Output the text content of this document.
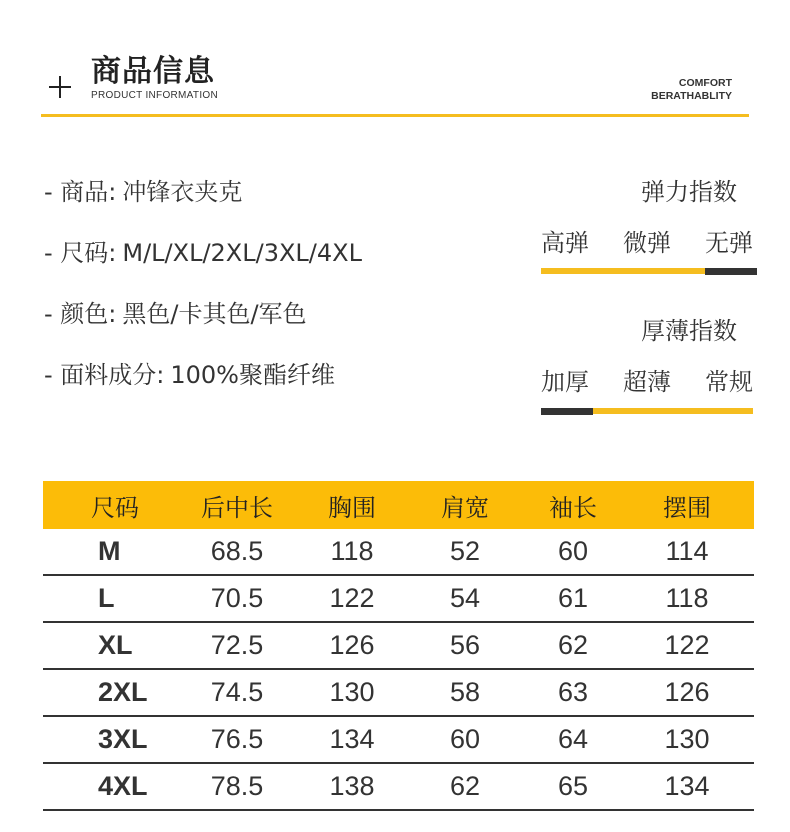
商品信息
PRODUCT INFORMATION
COMFORT
BERATHABLITY
- 商品: 冲锋衣夹克
- 尺码: M/L/XL/2XL/3XL/4XL
- 颜色: 黑色/卡其色/军色
- 面料成分: 100%聚酯纤维
弹力指数
高弹 微弹 无弹
厚薄指数
加厚 超薄 常规
尺码	后中长	胸围	肩宽	袖长	摆围
M	68.5	118	52	60	114
L	70.5	122	54	61	118
XL	72.5	126	56	62	122
2XL	74.5	130	58	63	126
3XL	76.5	134	60	64	130
4XL	78.5	138	62	65	134
